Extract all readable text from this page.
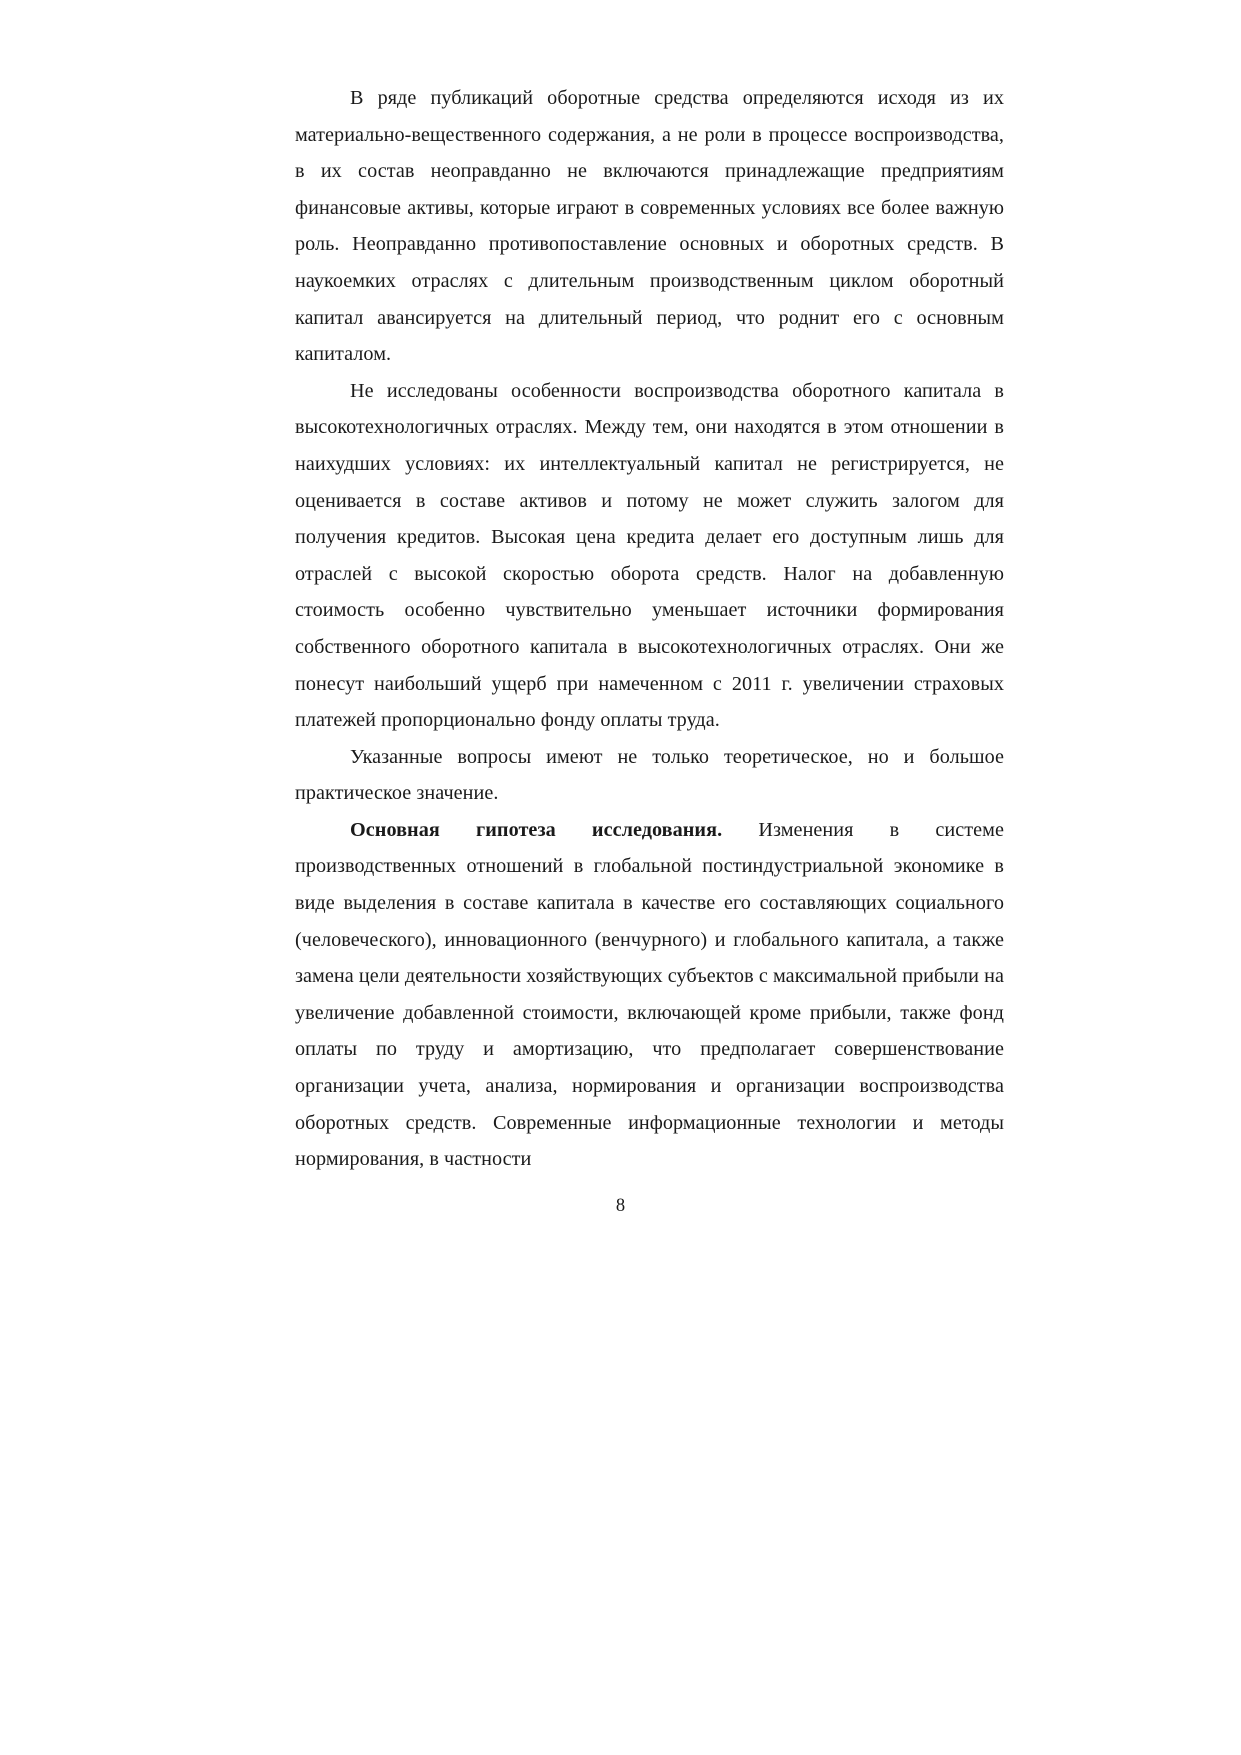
В ряде публикаций оборотные средства определяются исходя из их материально-вещественного содержания, а не роли в процессе воспроизводства, в их состав неоправданно не включаются принадлежащие предприятиям финансовые активы, которые играют в современных условиях все более важную роль. Неоправданно противопоставление основных и оборотных средств. В наукоемких отраслях с длительным производственным циклом оборотный капитал авансируется на длительный период, что роднит его с основным капиталом.

Не исследованы особенности воспроизводства оборотного капитала в высокотехнологичных отраслях. Между тем, они находятся в этом отношении в наихудших условиях: их интеллектуальный капитал не регистрируется, не оценивается в составе активов и потому не может служить залогом для получения кредитов. Высокая цена кредита делает его доступным лишь для отраслей с высокой скоростью оборота средств. Налог на добавленную стоимость особенно чувствительно уменьшает источники формирования собственного оборотного капитала в высокотехнологичных отраслях. Они же понесут наибольший ущерб при намеченном с 2011 г. увеличении страховых платежей пропорционально фонду оплаты труда.

Указанные вопросы имеют не только теоретическое, но и большое практическое значение.

Основная гипотеза исследования. Изменения в системе производственных отношений в глобальной постиндустриальной экономике в виде выделения в составе капитала в качестве его составляющих социального (человеческого), инновационного (венчурного) и глобального капитала, а также замена цели деятельности хозяйствующих субъектов с максимальной прибыли на увеличение добавленной стоимости, включающей кроме прибыли, также фонд оплаты по труду и амортизацию, что предполагает совершенствование организации учета, анализа, нормирования и организации воспроизводства оборотных средств. Современные информационные технологии и методы нормирования, в частности

8
